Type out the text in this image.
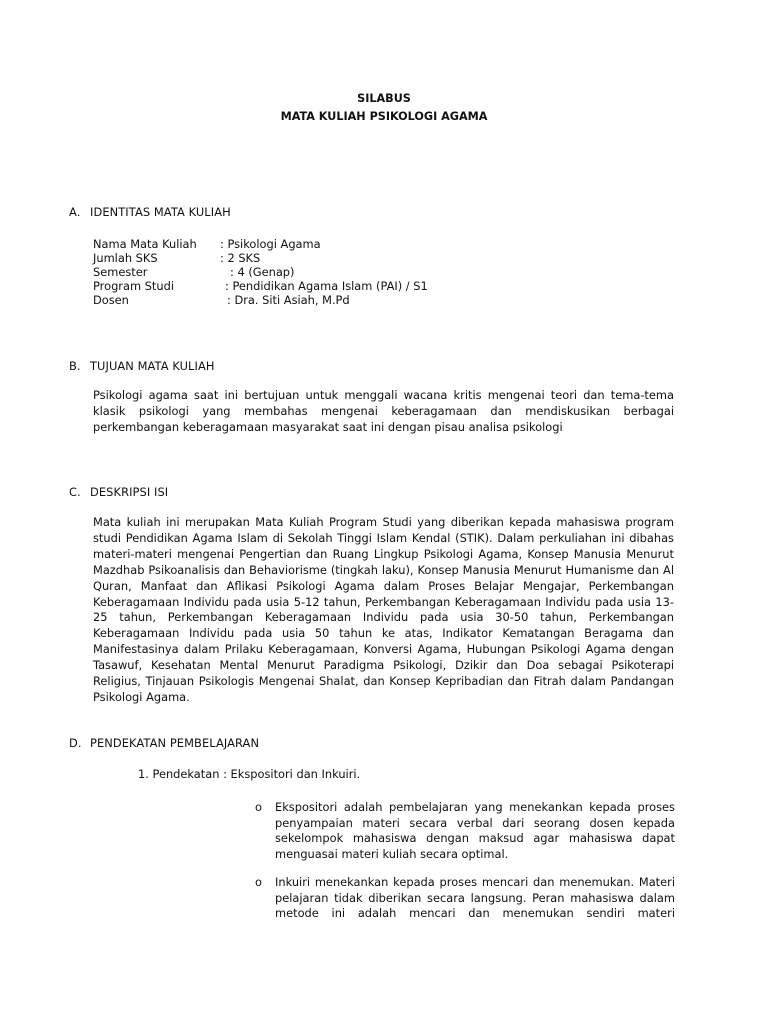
SILABUS
MATA KULIAH PSIKOLOGI AGAMA
A. IDENTITAS MATA KULIAH
Nama Mata Kuliah : Psikologi Agama
Jumlah SKS	: 2 SKS
Semester	: 4 (Genap)
Program Studi	: Pendidikan Agama Islam (PAI) / S1
Dosen	: Dra. Siti Asiah, M.Pd
B. TUJUAN MATA KULIAH
Psikologi agama saat ini bertujuan untuk menggali wacana kritis mengenai teori dan tema-tema
klasik psikologi yang membahas mengenai keberagamaan dan mendiskusikan berbagai
perkembangan keberagamaan masyarakat saat ini dengan pisau analisa psikologi
C. DESKRIPSI ISI
Mata kuliah ini merupakan Mata Kuliah Program Studi yang diberikan kepada mahasiswa program
studi Pendidikan Agama Islam di Sekolah Tinggi Islam Kendal (STIK). Dalam perkuliahan ini dibahas
materi-materi mengenai Pengertian dan Ruang Lingkup Psikologi Agama, Konsep Manusia Menurut
Mazdhab Psikoanalisis dan Behaviorisme (tingkah laku), Konsep Manusia Menurut Humanisme dan Al
Quran, Manfaat dan Aflikasi Psikologi Agama dalam Proses Belajar Mengajar, Perkembangan
Keberagamaan Individu pada usia 5-12 tahun, Perkembangan Keberagamaan Individu pada usia 13-
25 tahun, Perkembangan Keberagamaan Individu pada usia 30-50 tahun, Perkembangan
Keberagamaan Individu pada usia 50 tahun ke atas, Indikator Kematangan Beragama dan
Manifestasinya dalam Prilaku Keberagamaan, Konversi Agama, Hubungan Psikologi Agama dengan
Tasawuf, Kesehatan Mental Menurut Paradigma Psikologi, Dzikir dan Doa sebagai Psikoterapi
Religius, Tinjauan Psikologis Mengenai Shalat, dan Konsep Kepribadian dan Fitrah dalam Pandangan
Psikologi Agama.
D. PENDEKATAN PEMBELAJARAN
1. Pendekatan : Ekspositori dan Inkuiri.
o Ekspositori adalah pembelajaran yang menekankan kepada proses
penyampaian materi secara verbal dari seorang dosen kepada
sekelompok mahasiswa dengan maksud agar mahasiswa dapat
menguasai materi kuliah secara optimal.
o Inkuiri menekankan kepada proses mencari dan menemukan. Materi
pelajaran tidak diberikan secara langsung. Peran mahasiswa dalam
metode ini adalah mencari dan menemukan sendiri materi
